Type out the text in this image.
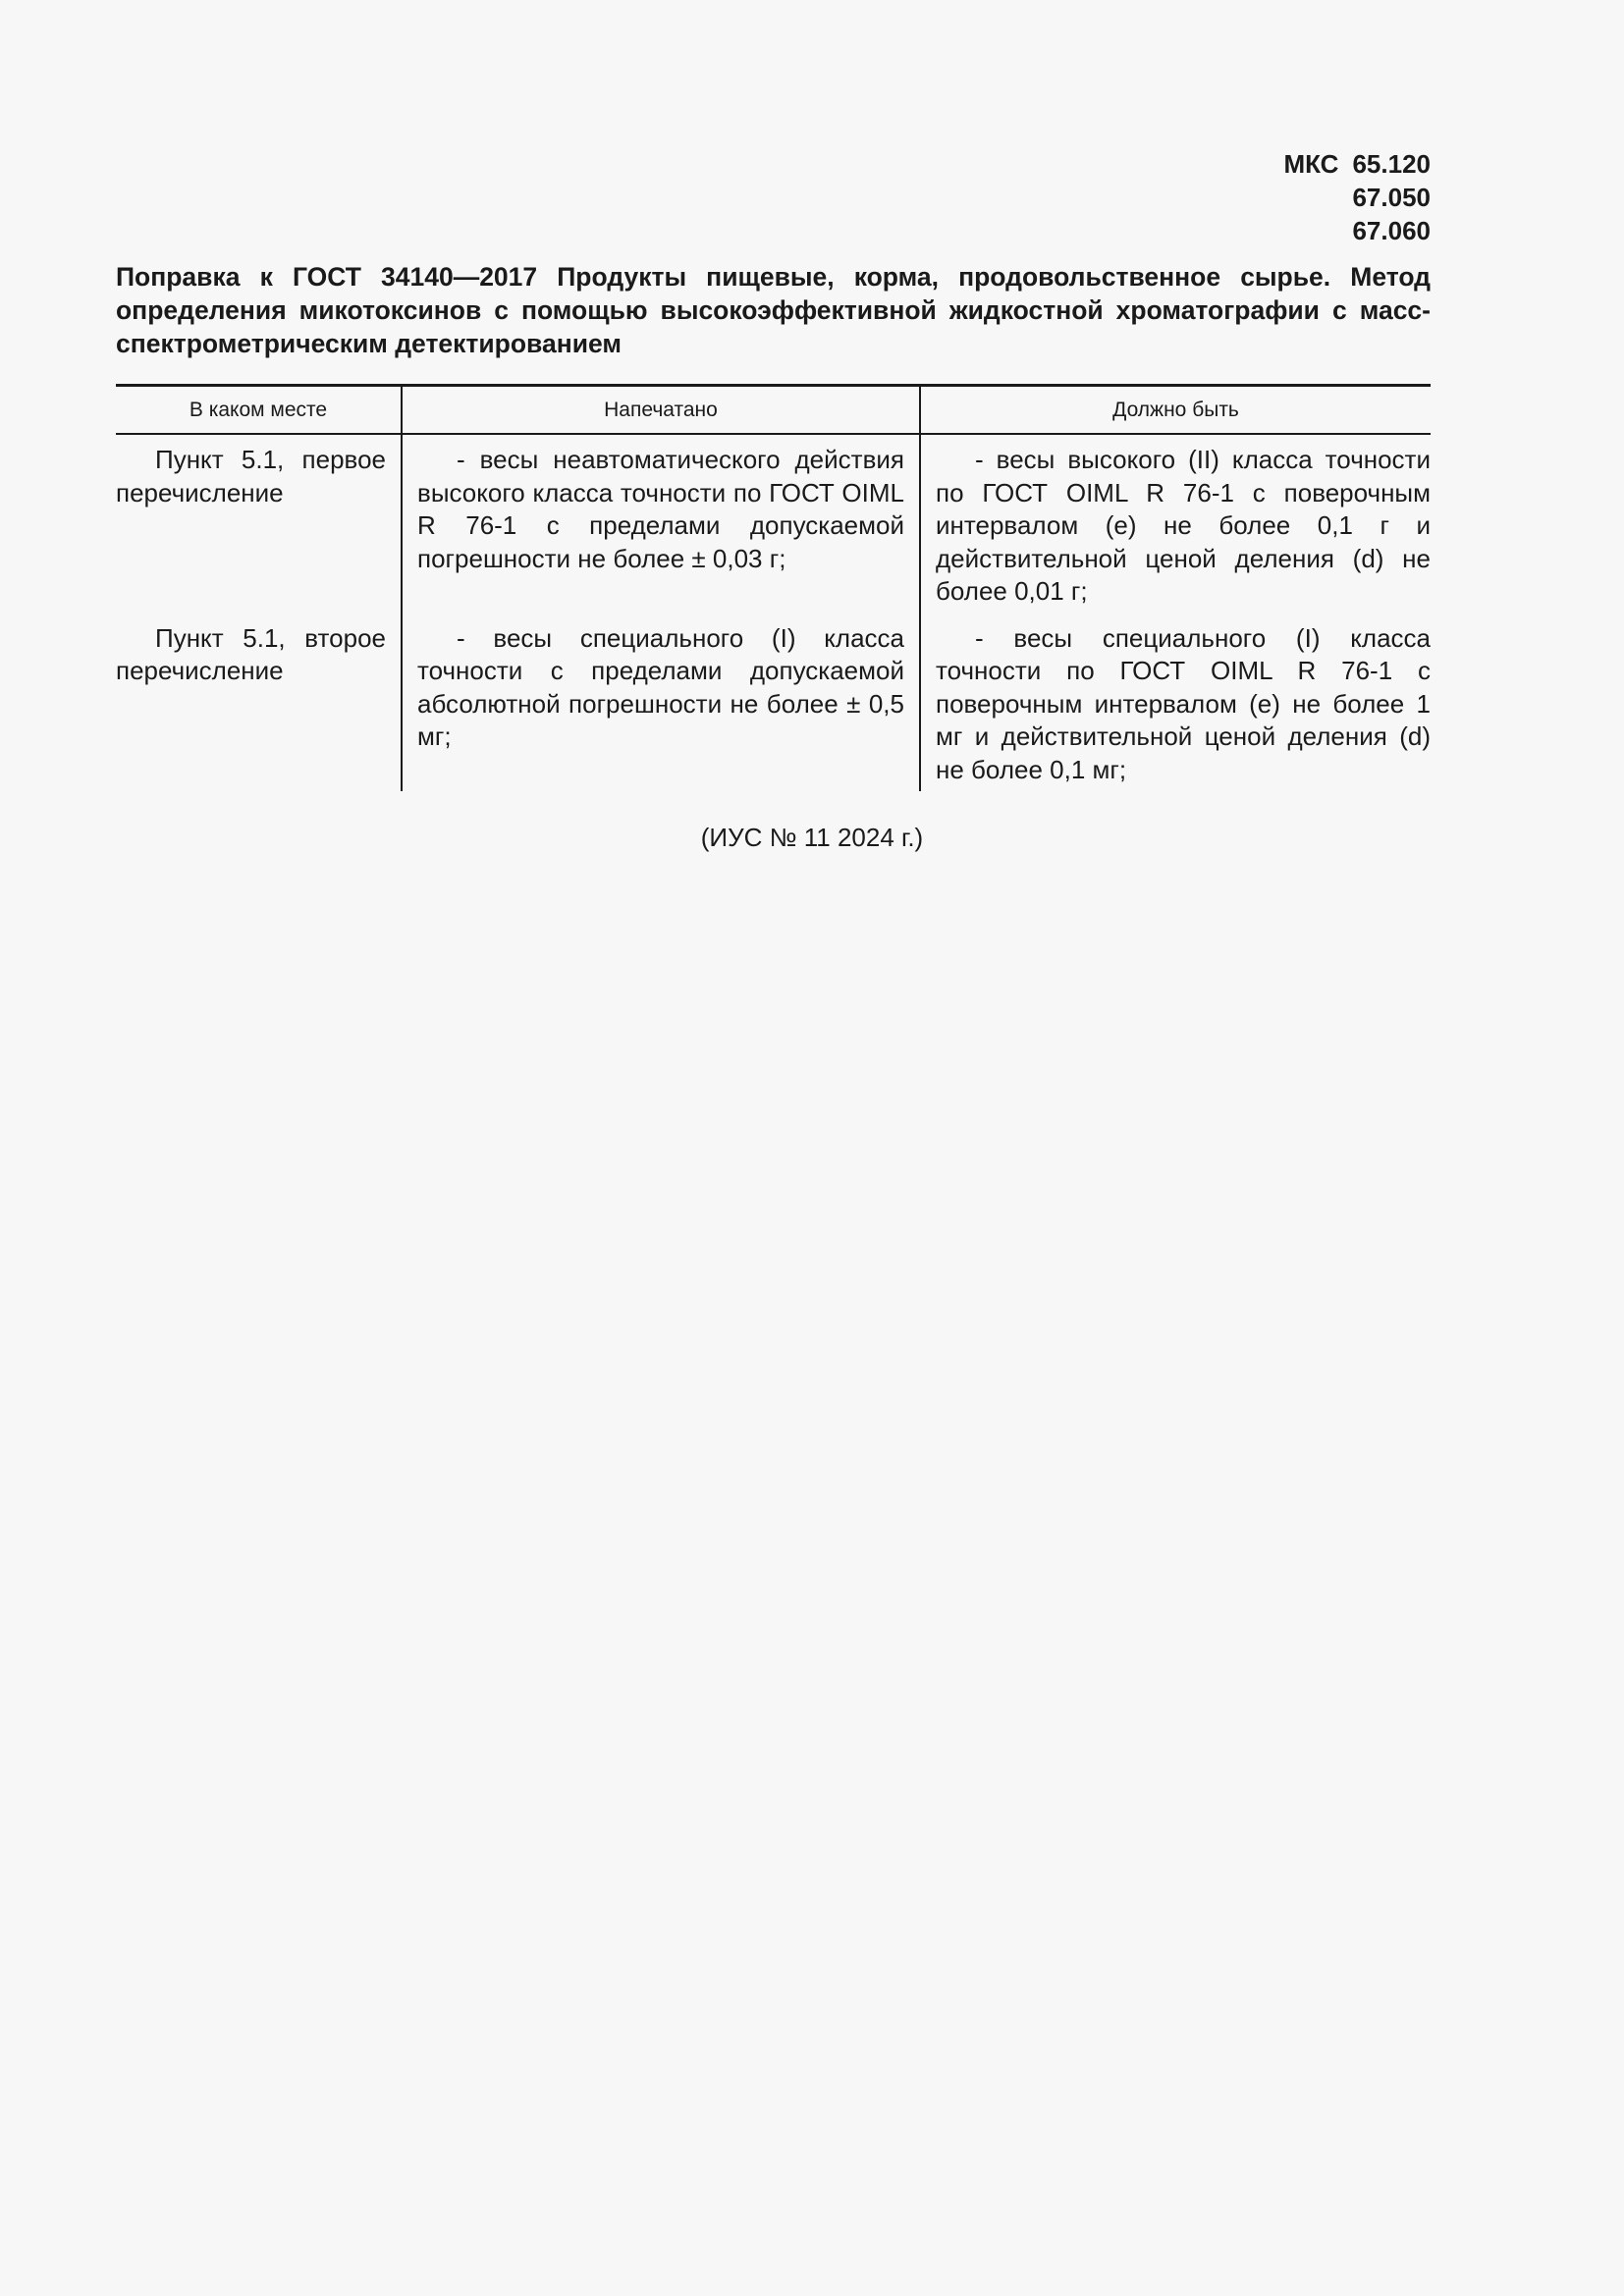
МКС 65.120
67.050
67.060
Поправка к ГОСТ 34140—2017 Продукты пищевые, корма, продовольственное сырье. Метод определения микотоксинов с помощью высокоэффективной жидкостной хроматографии с масс-спектрометрическим детектированием
В каком месте	Напечатано	Должно быть

Пункт 5.1, первое перечисление	- весы неавтоматического действия высокого класса точности по ГОСТ OIML R 76-1 с пределами допускаемой погрешности не более ± 0,03 г;	- весы высокого (II) класса точности по ГОСТ OIML R 76-1 с поверочным интервалом (e) не более 0,1 г и действительной ценой деления (d) не более 0,01 г;

Пункт 5.1, второе перечисление	- весы специального (I) класса точности с пределами допускаемой абсолютной погрешности не более ± 0,5 мг;	- весы специального (I) класса точности по ГОСТ OIML R 76-1 с поверочным интервалом (e) не более 1 мг и действительной ценой деления (d) не более 0,1 мг;
(ИУС № 11 2024 г.)
